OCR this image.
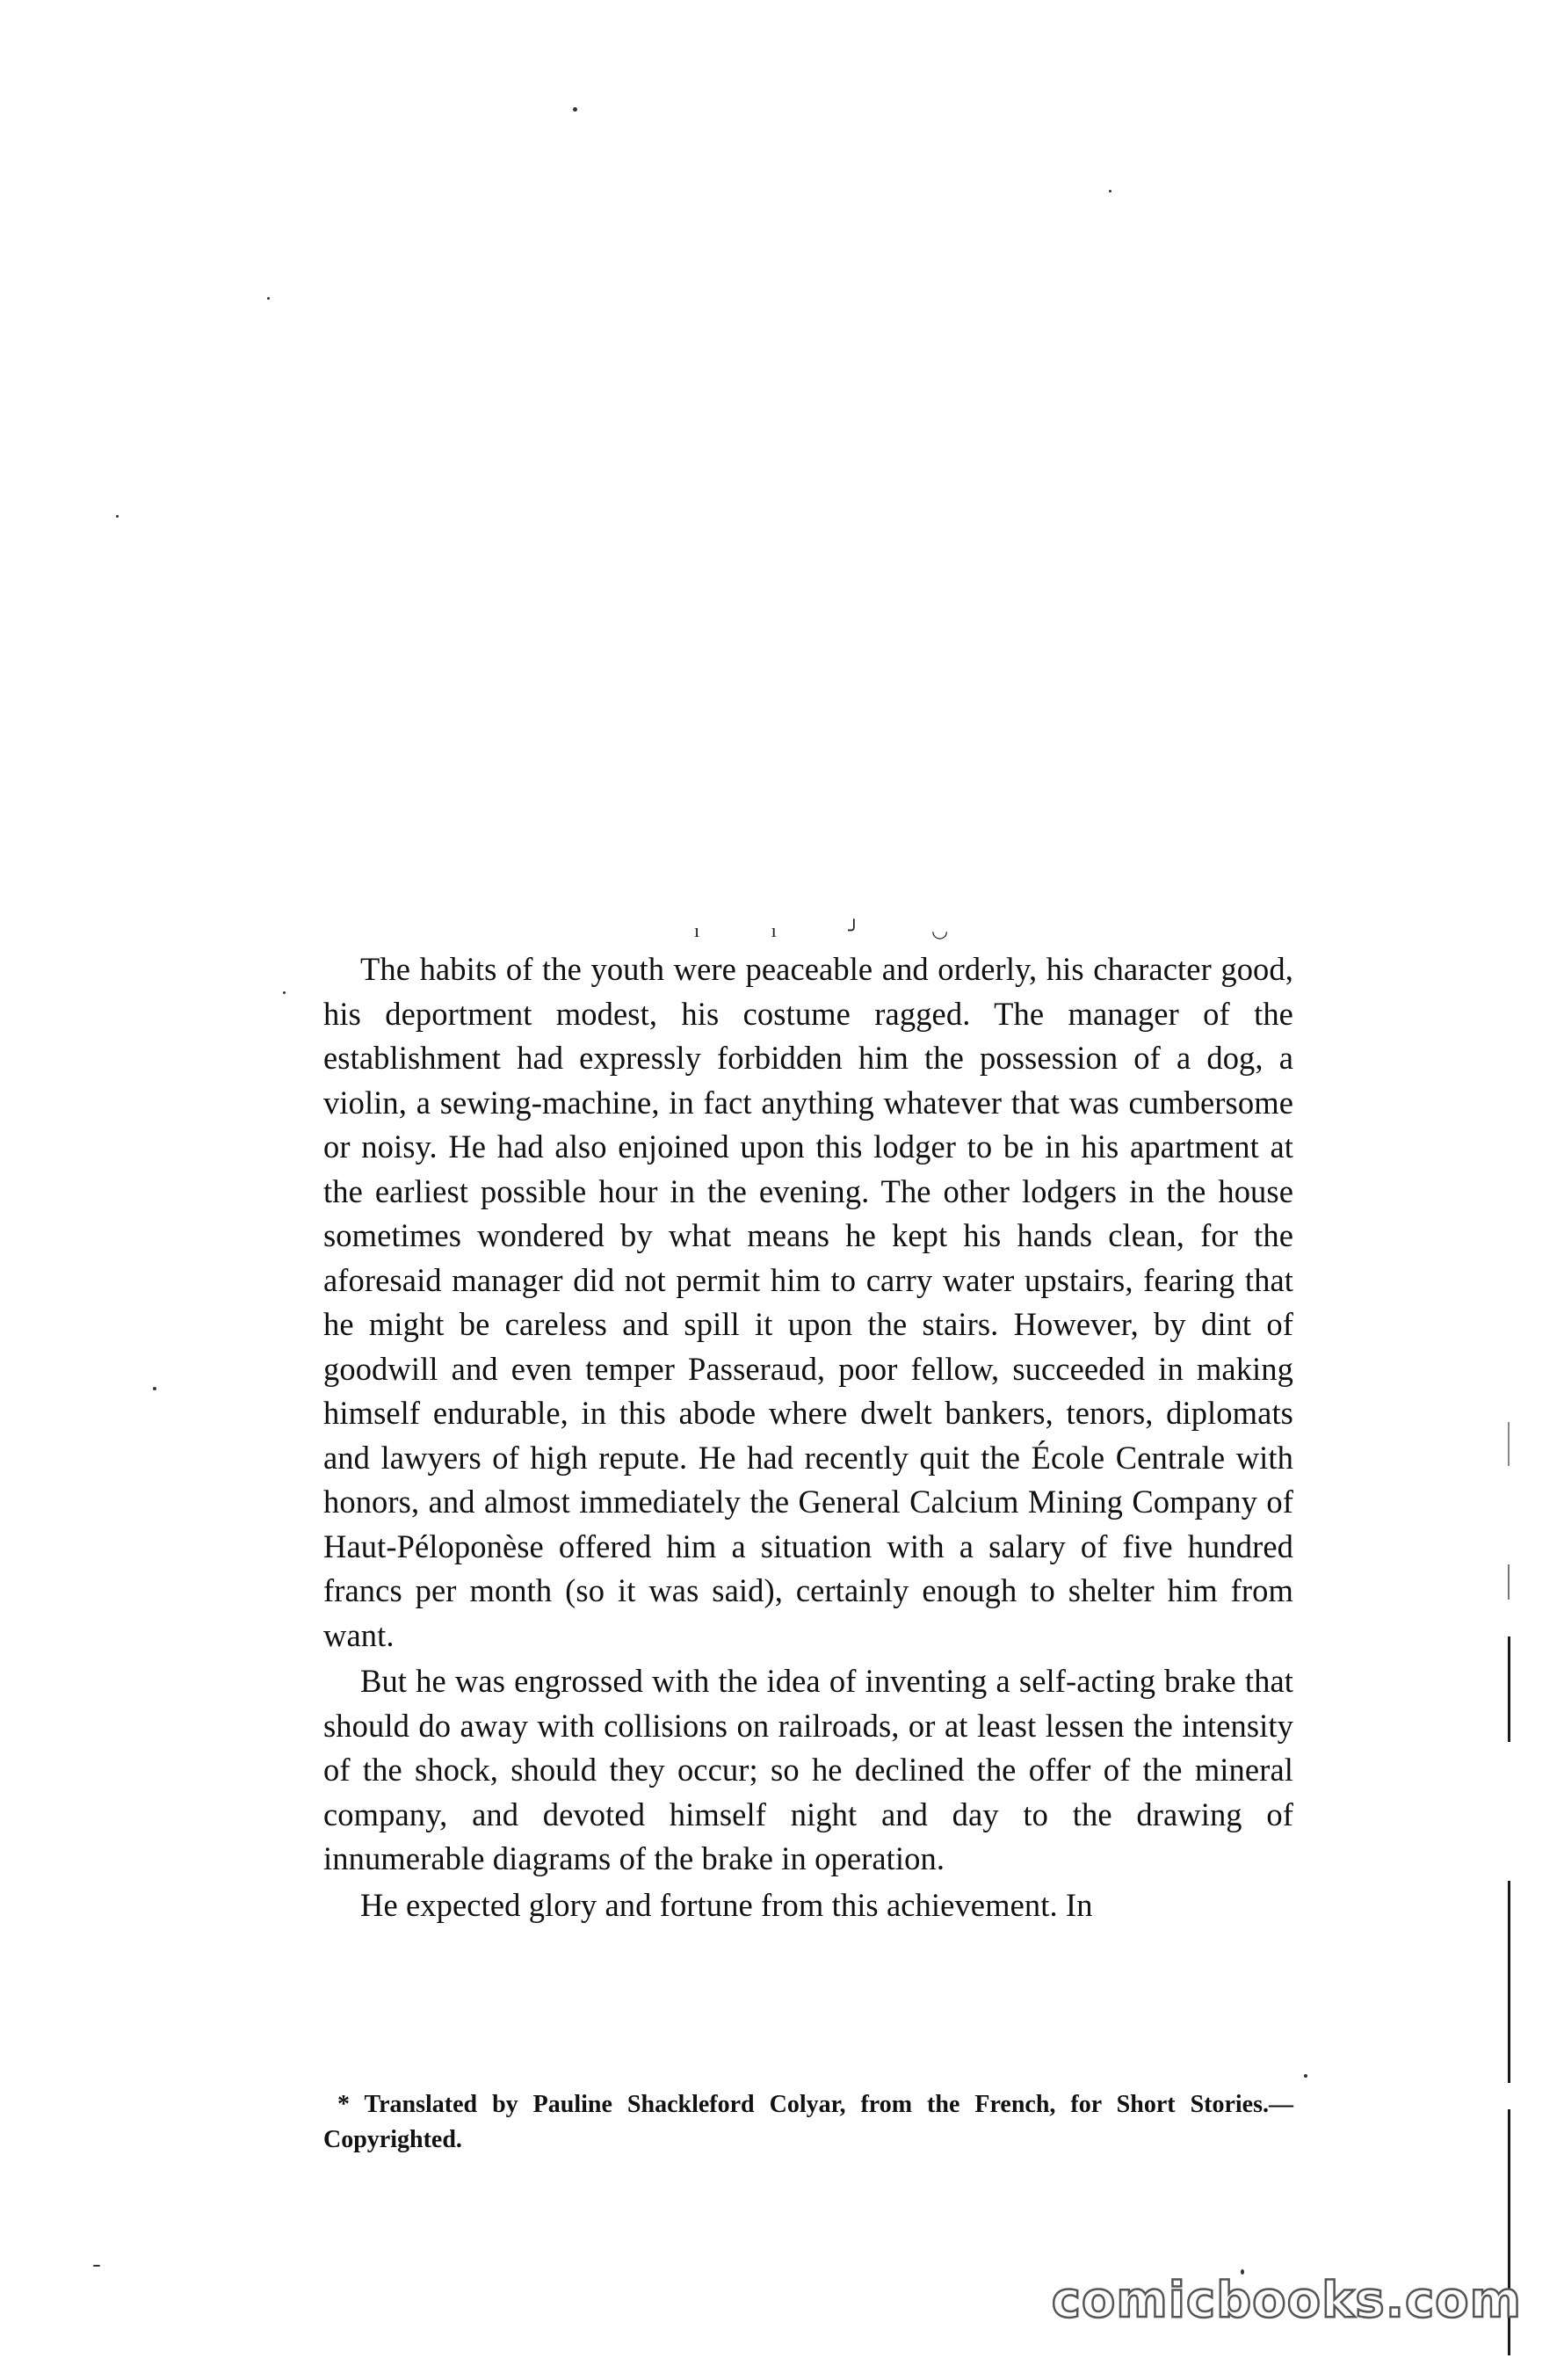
ı ı ╯ ◡

The habits of the youth were peaceable and orderly, his character good, his deportment modest, his costume ragged. The manager of the establishment had expressly forbidden him the possession of a dog, a violin, a sewing-machine, in fact anything whatever that was cumbersome or noisy. He had also enjoined upon this lodger to be in his apartment at the earliest possible hour in the evening. The other lodgers in the house sometimes wondered by what means he kept his hands clean, for the aforesaid manager did not permit him to carry water upstairs, fearing that he might be careless and spill it upon the stairs. However, by dint of goodwill and even temper Passeraud, poor fellow, succeeded in making himself endurable, in this abode where dwelt bankers, tenors, diplomats and lawyers of high repute. He had recently quit the École Centrale with honors, and almost immediately the General Calcium Mining Company of Haut-Péloponèse offered him a situation with a salary of five hundred francs per month (so it was said), certainly enough to shelter him from want.

But he was engrossed with the idea of inventing a self-acting brake that should do away with collisions on railroads, or at least lessen the intensity of the shock, should they occur; so he declined the offer of the mineral company, and devoted himself night and day to the drawing of innumerable diagrams of the brake in operation.

He expected glory and fortune from this achievement. In

* Translated by Pauline Shackleford Colyar, from the French, for Short Stories.—Copyrighted.

comicbooks.com
